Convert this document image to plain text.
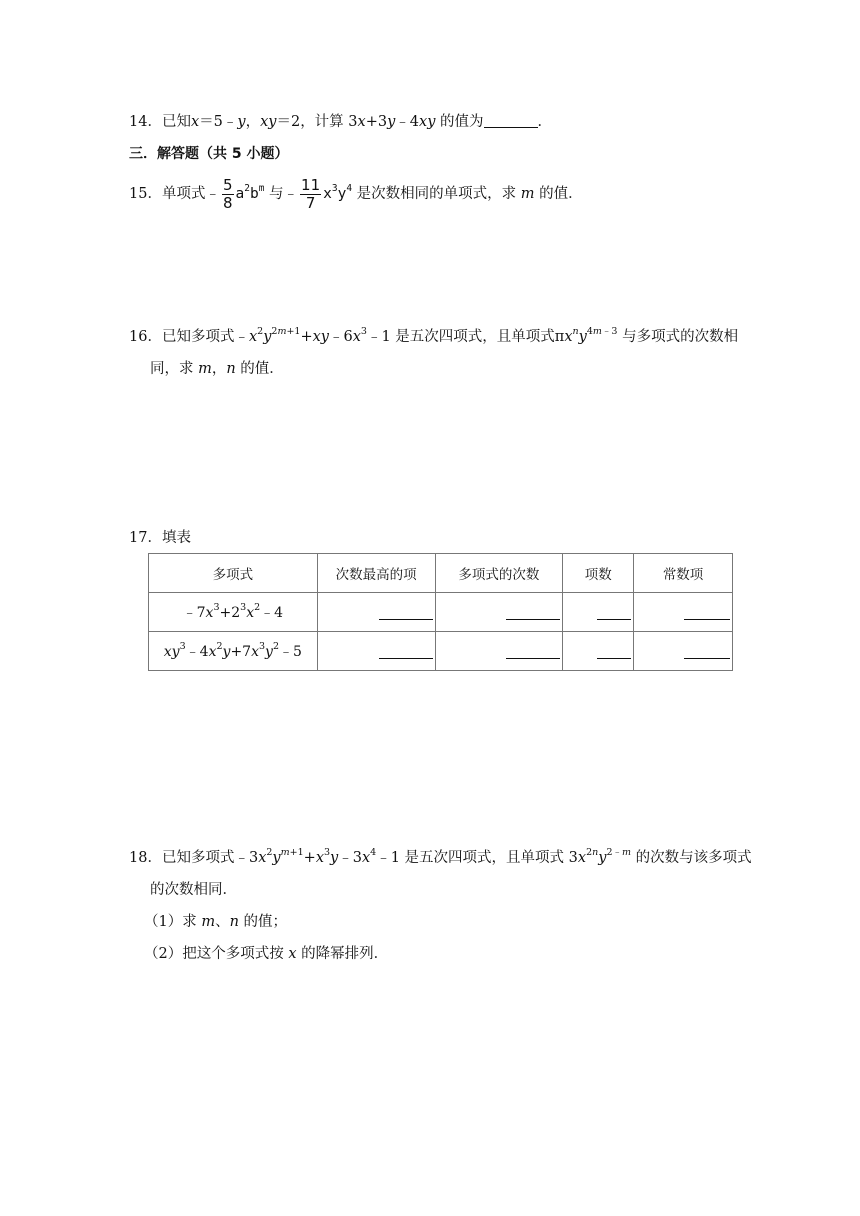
14．已知x＝5﹣y，xy＝2，计算 3x+3y﹣4xy 的值为	．
三．解答题（共 5 小题）
15．单项式﹣ $\frac{5}{8} a^2b^m$ 与﹣ $\frac{11}{7} x^3y^4$ 是次数相同的单项式，求 m 的值．
16．已知多项式$﹣x^2y^{2m+1}+xy﹣6x^3﹣1$ 是五次四项式，且单项式$\pi x^ny^{4m﹣3}$ 与多项式的次数相
同，求 m，n 的值．
17．填表
多项式	次数最高的项	多项式的次数	项数	常数项
$﹣7x^3+2^3x^2﹣4$				
$xy^3﹣4x^2y+7x^3y^2﹣5$				
18．已知多项式$﹣3x^2y^{m+1}+x^3y﹣3x^4﹣1$ 是五次四项式，且单项式 $3x^{2n}y^{2﹣m}$ 的次数与该多项式
的次数相同．
（1）求 m、n 的值；
（2）把这个多项式按 x 的降幂排列．
